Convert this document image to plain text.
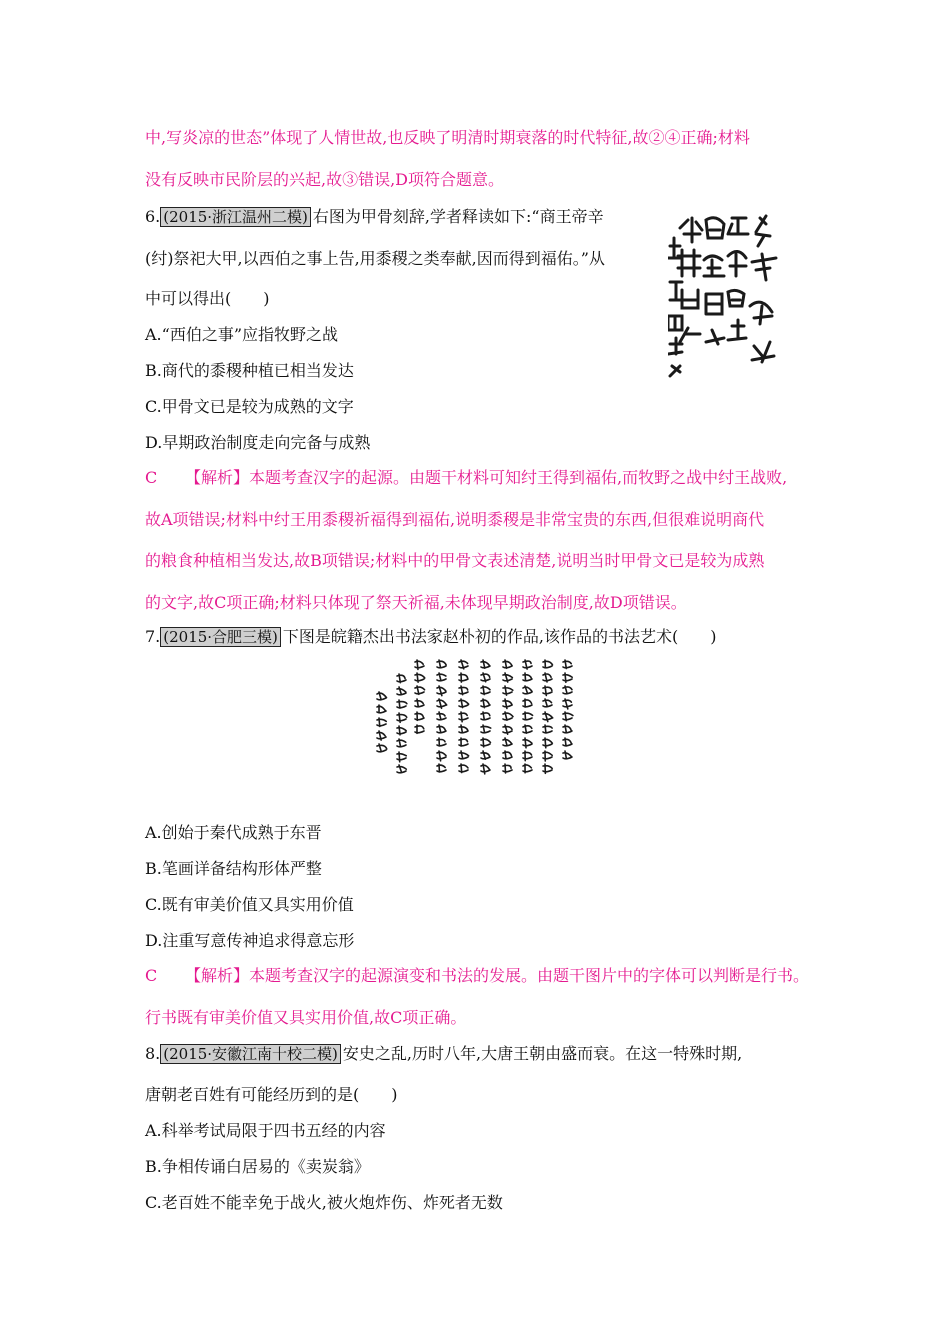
中,写炎凉的世态”体现了人情世故,也反映了明清时期衰落的时代特征,故②④正确;材料
没有反映市民阶层的兴起,故③错误,D项符合题意。
6. (2015·浙江温州二模) 右图为甲骨刻辞,学者释读如下:“商王帝辛
(纣)祭祀大甲,以西伯之事上告,用黍稷之类奉献,因而得到福佑。”从
中可以得出(　　)
A.“西伯之事”应指牧野之战
B.商代的黍稷种植已相当发达
C.甲骨文已是较为成熟的文字
D.早期政治制度走向完备与成熟
C 【解析】本题考查汉字的起源。由题干材料可知纣王得到福佑,而牧野之战中纣王战败,
故A项错误;材料中纣王用黍稷祈福得到福佑,说明黍稷是非常宝贵的东西,但很难说明商代
的粮食种植相当发达,故B项错误;材料中的甲骨文表述清楚,说明当时甲骨文已是较为成熟
的文字,故C项正确;材料只体现了祭天祈福,未体现早期政治制度,故D项错误。
7. (2015·合肥三模) 下图是皖籍杰出书法家赵朴初的作品,该作品的书法艺术(　　)
A.创始于秦代成熟于东晋
B.笔画详备结构形体严整
C.既有审美价值又具实用价值
D.注重写意传神追求得意忘形
C 【解析】本题考查汉字的起源演变和书法的发展。由题干图片中的字体可以判断是行书。
行书既有审美价值又具实用价值,故C项正确。
8. (2015·安徽江南十校二模) 安史之乱,历时八年,大唐王朝由盛而衰。在这一特殊时期,
唐朝老百姓有可能经历到的是(　　)
A.科举考试局限于四书五经的内容
B.争相传诵白居易的《卖炭翁》
C.老百姓不能幸免于战火,被火炮炸伤、炸死者无数
